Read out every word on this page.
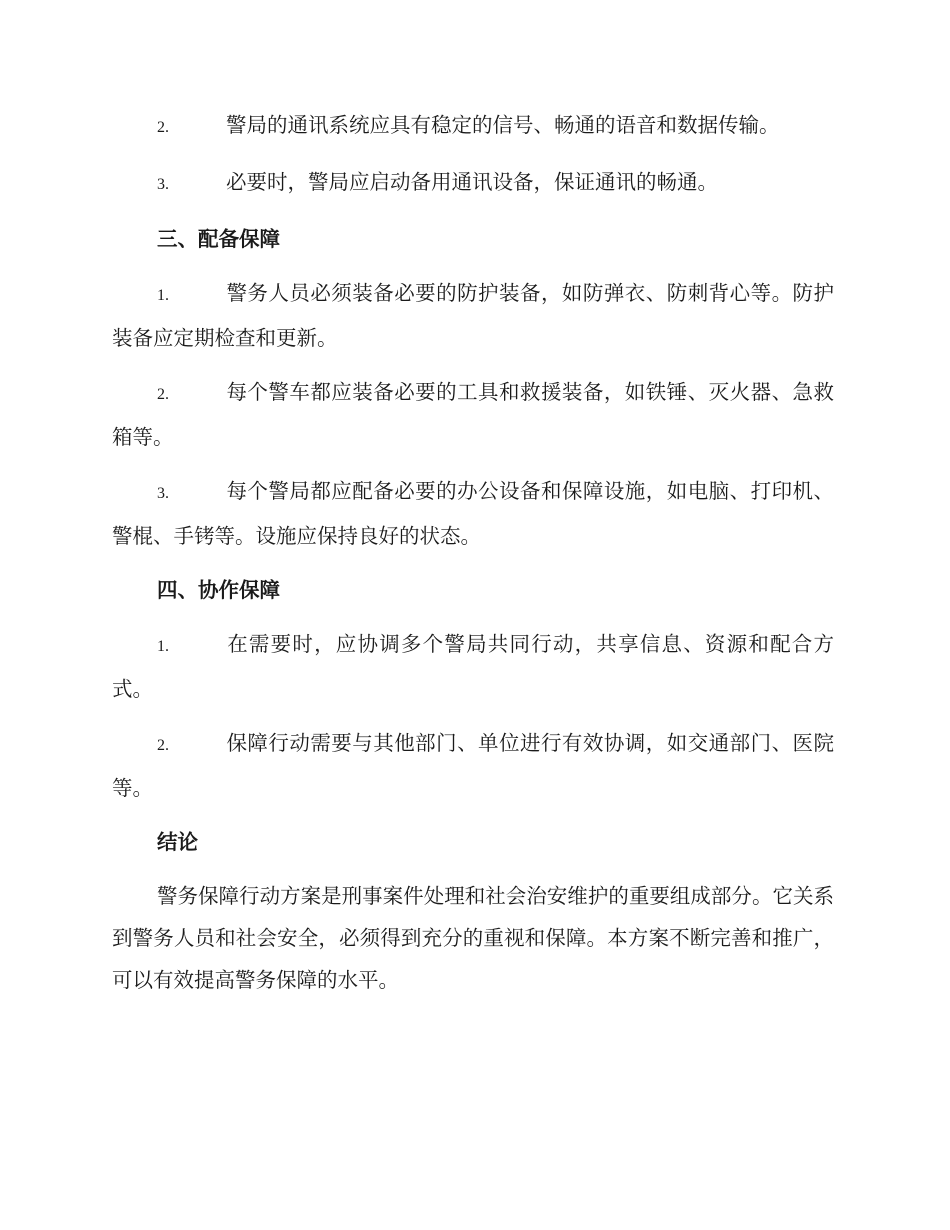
2.	警局的通讯系统应具有稳定的信号、畅通的语音和数据传输。

3.	必要时，警局应启动备用通讯设备，保证通讯的畅通。

三、配备保障

1.	警务人员必须装备必要的防护装备，如防弹衣、防刺背心等。防护装备应定期检查和更新。

2.	每个警车都应装备必要的工具和救援装备，如铁锤、灭火器、急救箱等。

3.	每个警局都应配备必要的办公设备和保障设施，如电脑、打印机、警棍、手铐等。设施应保持良好的状态。

四、协作保障

1.	在需要时，应协调多个警局共同行动，共享信息、资源和配合方式。

2.	保障行动需要与其他部门、单位进行有效协调，如交通部门、医院等。

结论

警务保障行动方案是刑事案件处理和社会治安维护的重要组成部分。它关系到警务人员和社会安全，必须得到充分的重视和保障。本方案不断完善和推广，可以有效提高警务保障的水平。
